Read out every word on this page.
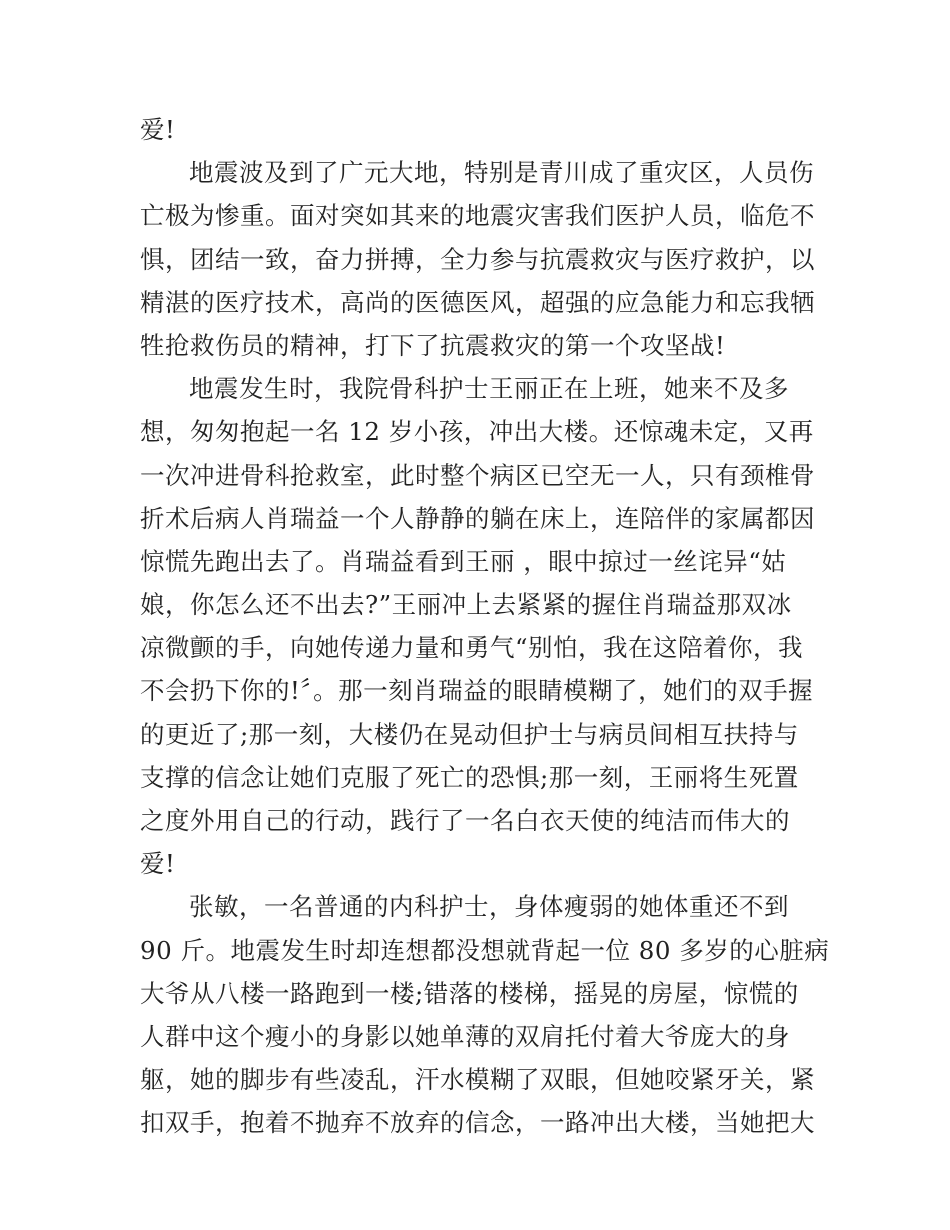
爱!
地震波及到了广元大地，特别是青川成了重灾区，人员伤
亡极为惨重。面对突如其来的地震灾害我们医护人员，临危不
惧，团结一致，奋力拼搏，全力参与抗震救灾与医疗救护，以
精湛的医疗技术，高尚的医德医风，超强的应急能力和忘我牺
牲抢救伤员的精神，打下了抗震救灾的第一个攻坚战!
地震发生时，我院骨科护士王丽正在上班，她来不及多
想，匆匆抱起一名 12 岁小孩，冲出大楼。还惊魂未定，又再
一次冲进骨科抢救室，此时整个病区已空无一人，只有颈椎骨
折术后病人肖瑞益一个人静静的躺在床上，连陪伴的家属都因
惊慌先跑出去了。肖瑞益看到王丽 ，眼中掠过一丝诧异“姑
娘，你怎么还不出去?”王丽冲上去紧紧的握住肖瑞益那双冰
凉微颤的手，向她传递力量和勇气“别怕，我在这陪着你，我
不会扔下你的!〞。那一刻肖瑞益的眼睛模糊了，她们的双手握
的更近了;那一刻，大楼仍在晃动但护士与病员间相互扶持与
支撑的信念让她们克服了死亡的恐惧;那一刻，王丽将生死置
之度外用自己的行动，践行了一名白衣天使的纯洁而伟大的
爱!
张敏，一名普通的内科护士，身体瘦弱的她体重还不到
90 斤。地震发生时却连想都没想就背起一位 80 多岁的心脏病
大爷从八楼一路跑到一楼;错落的楼梯，摇晃的房屋，惊慌的
人群中这个瘦小的身影以她单薄的双肩托付着大爷庞大的身
躯，她的脚步有些凌乱，汗水模糊了双眼，但她咬紧牙关，紧
扣双手，抱着不抛弃不放弃的信念，一路冲出大楼，当她把大
